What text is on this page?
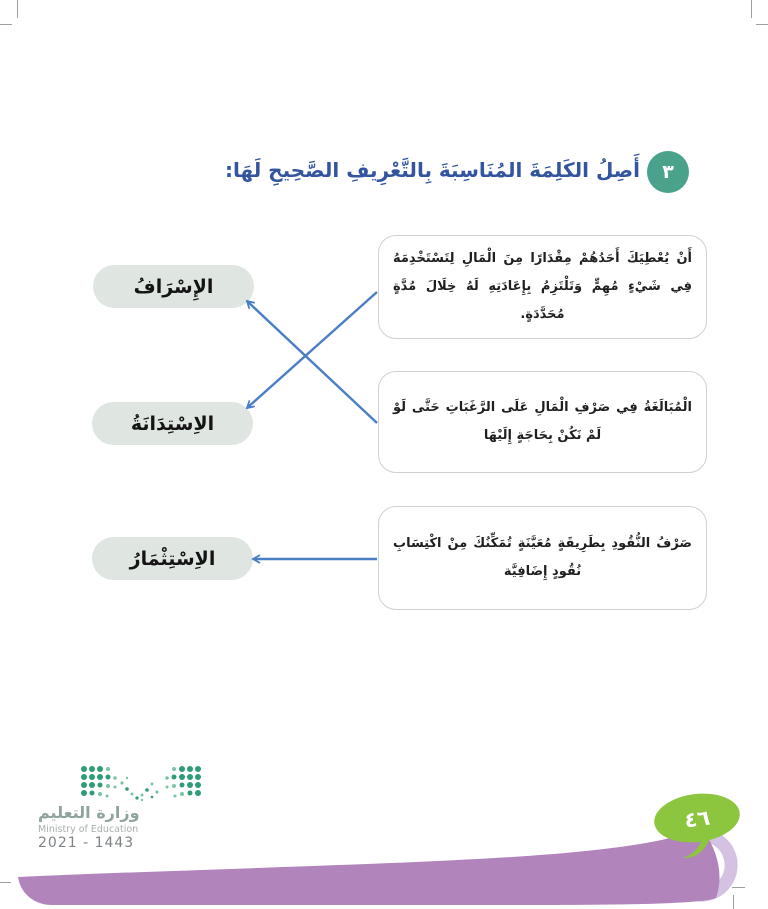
٣
أَصِلُ الكَلِمَةَ المُنَاسِبَةَ بِالتَّعْرِيفِ الصَّحِيحِ لَهَا:
الإِسْرَافُ
الاِسْتِدَانَةُ
الاِسْتِثْمَارُ
أَنْ يُعْطِيَكَ أَحَدُهُمْ مِقْدَارًا مِنَ الْمَالِ لِتَسْتَخْدِمَهُ فِي شَيْءٍ مُهِمٍّ وَتَلْتَزِمُ بِإِعَادَتِهِ لَهُ خِلَالَ مُدَّةٍ مُحَدَّدَةٍ.
الْمُبَالَغَةُ فِي صَرْفِ الْمَالِ عَلَى الرَّغَبَاتِ حَتَّى لَوْ لَمْ نَكُنْ بِحَاجَةٍ إِلَيْهَا
صَرْفُ النُّقُودِ بِطَرِيقَةٍ مُعَيَّنَةٍ تُمَكِّنُكَ مِنْ اكْتِسَابِ نُقُودٍ إِضَافِيَّة
وزارة التعليم
Ministry of Education
2021 - 1443
٤٦
